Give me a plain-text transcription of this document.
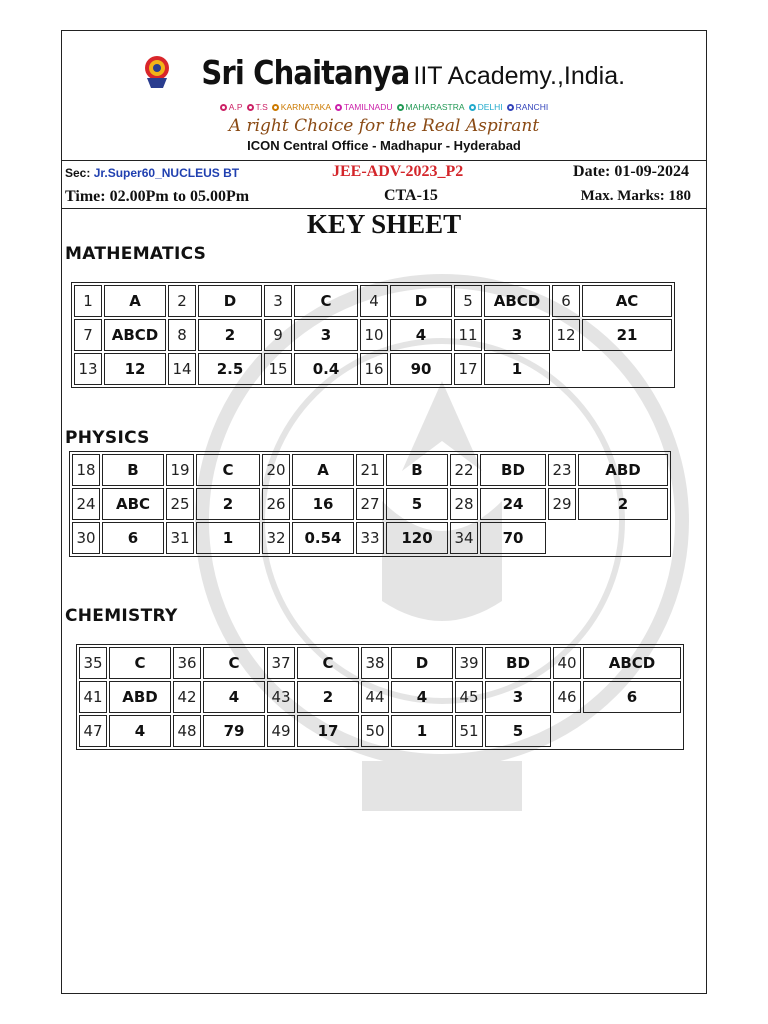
Sri Chaitanya IIT Academy.,India.
A.P T.S KARNATAKA TAMILNADU MAHARASTRA DELHI RANCHI
A right Choice for the Real Aspirant
ICON Central Office - Madhapur - Hyderabad
Sec: Jr.Super60_NUCLEUS BT	JEE-ADV-2023_P2	Date: 01-09-2024
Time: 02.00Pm to 05.00Pm	CTA-15	Max. Marks: 180
KEY SHEET
MATHEMATICS
1	A	2	D	3	C	4	D	5	ABCD	6	AC
7	ABCD	8	2	9	3	10	4	11	3	12	21
13	12	14	2.5	15	0.4	16	90	17	1		
PHYSICS
18	B	19	C	20	A	21	B	22	BD	23	ABD
24	ABC	25	2	26	16	27	5	28	24	29	2
30	6	31	1	32	0.54	33	120	34	70		
CHEMISTRY
35	C	36	C	37	C	38	D	39	BD	40	ABCD
41	ABD	42	4	43	2	44	4	45	3	46	6
47	4	48	79	49	17	50	1	51	5		
